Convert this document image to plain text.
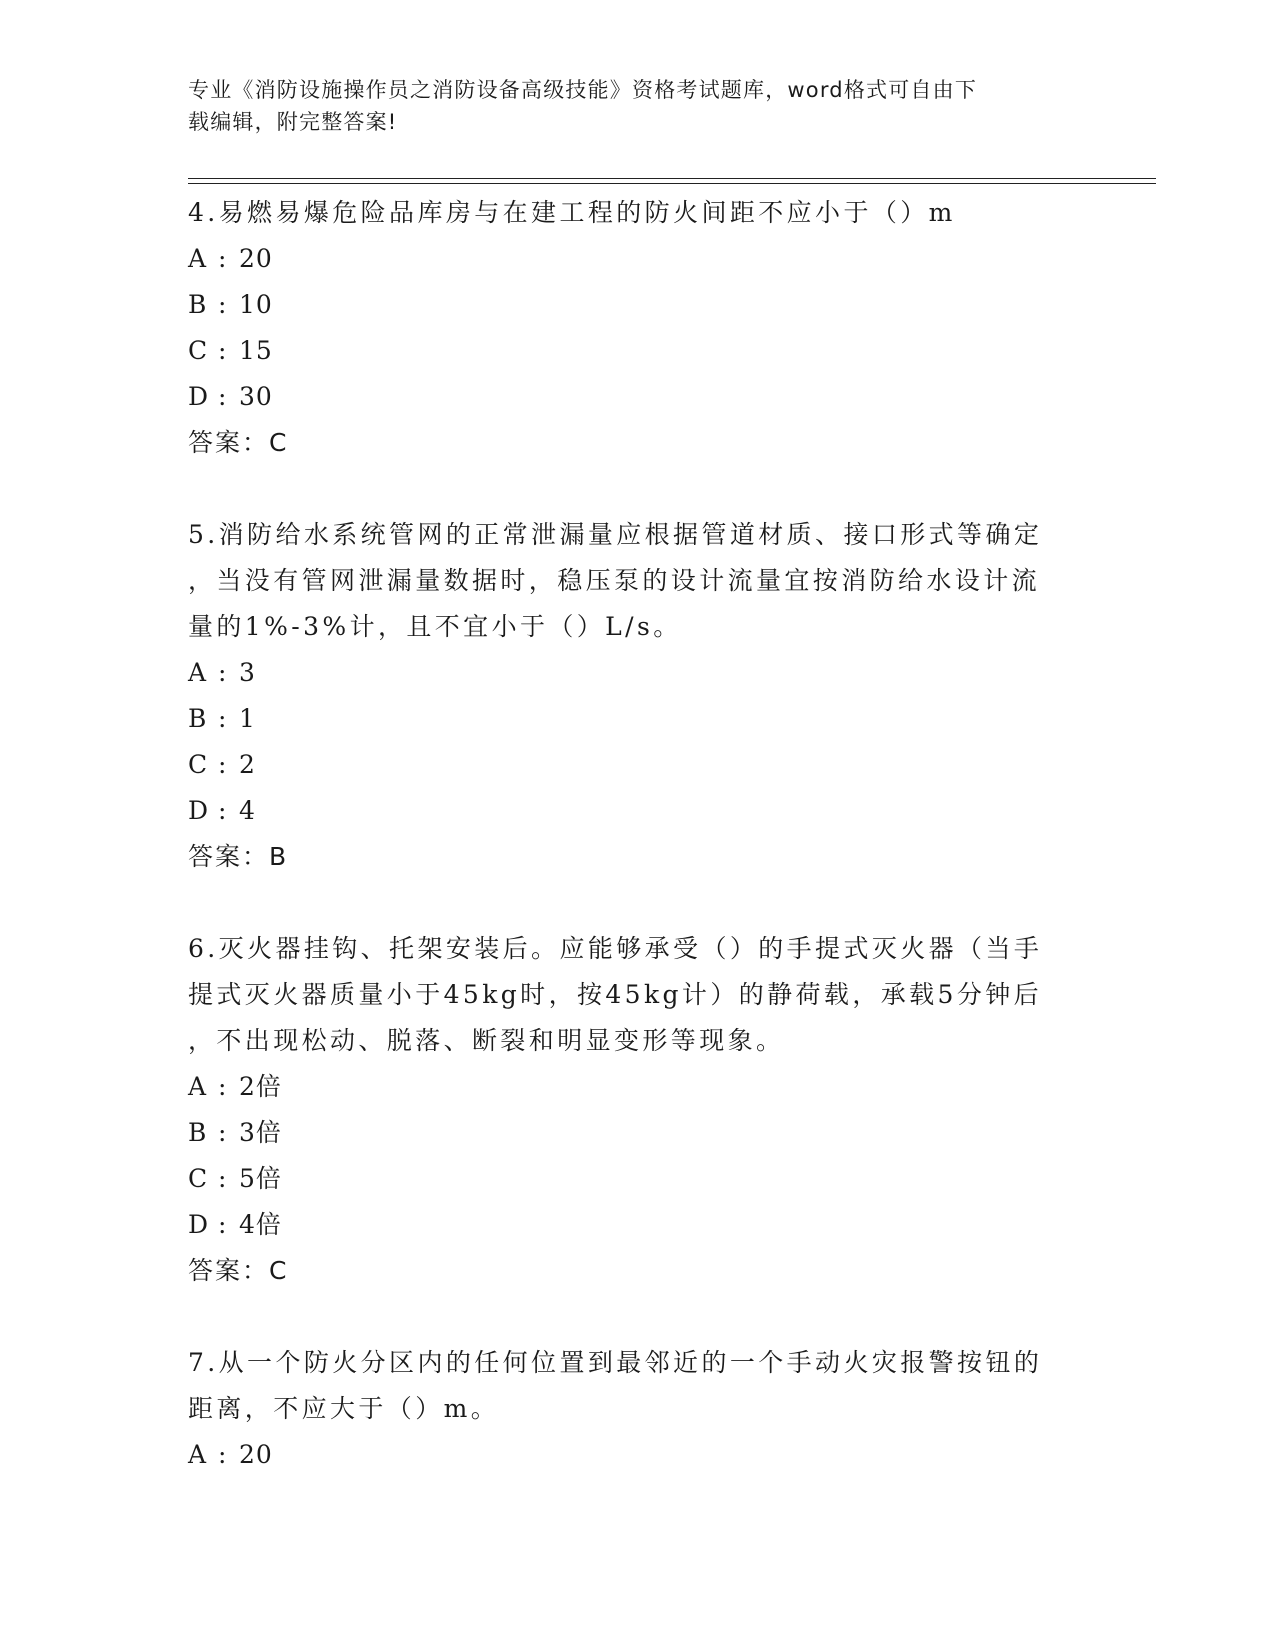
专业《消防设施操作员之消防设备高级技能》资格考试题库，word格式可自由下
载编辑，附完整答案!
4.易燃易爆危险品库房与在建工程的防火间距不应小于（）m
A :
20
B :
10
C :
15
D :
30
答案： C
5.消防给水系统管网的正常泄漏量应根据管道材质、接口形式等确定
，当没有管网泄漏量数据时，稳压泵的设计流量宜按消防给水设计流
量的1%-3%计，且不宜小于（）L/s。
A :
3
B :
1
C :
2
D :
4
答案： B
6.灭火器挂钩、托架安装后。应能够承受（）的手提式灭火器（当手
提式灭火器质量小于45kg时，按45kg计）的静荷载，承载5分钟后
，不出现松动、脱落、断裂和明显变形等现象。
A :
2倍
B :
3倍
C :
5倍
D :
4倍
答案： C
7.从一个防火分区内的任何位置到最邻近的一个手动火灾报警按钮的
距离，不应大于（）m。
A :
20
